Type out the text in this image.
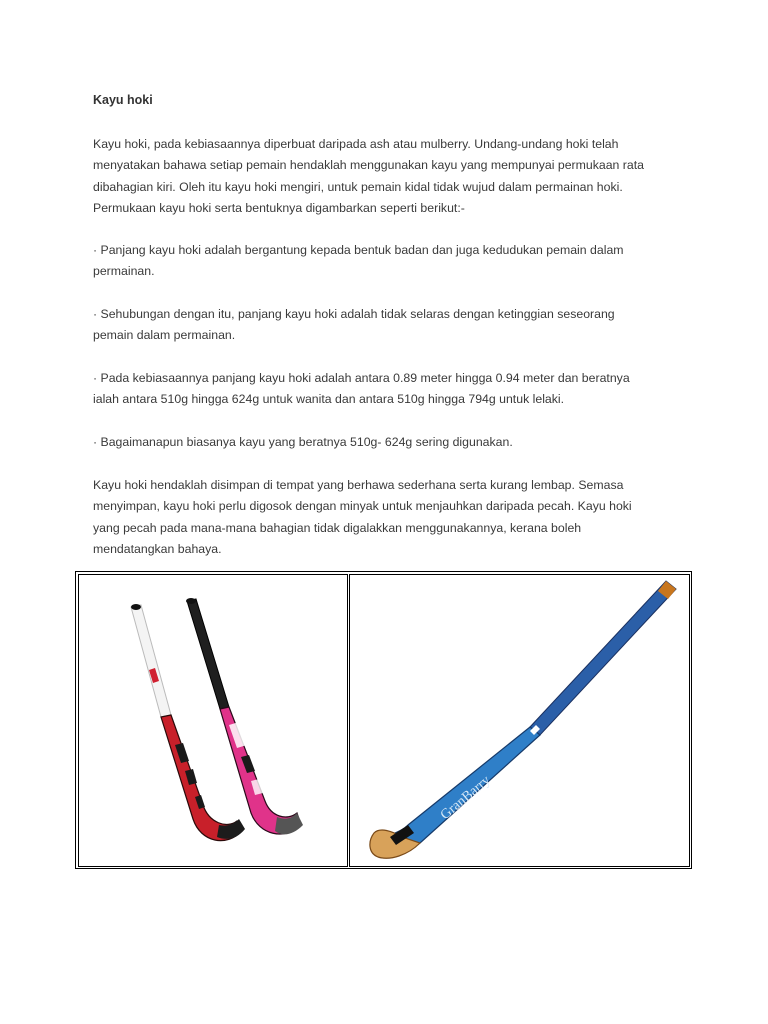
Kayu hoki
Kayu hoki, pada kebiasaannya diperbuat daripada ash atau mulberry. Undang-undang hoki telah
menyatakan bahawa setiap pemain hendaklah menggunakan kayu yang mempunyai permukaan rata
dibahagian kiri. Oleh itu kayu hoki mengiri, untuk pemain kidal tidak wujud dalam permainan hoki.
Permukaan kayu hoki serta bentuknya digambarkan seperti berikut:-
· Panjang kayu hoki adalah bergantung kepada bentuk badan dan juga kedudukan pemain dalam
permainan.
· Sehubungan dengan itu, panjang kayu hoki adalah tidak selaras dengan ketinggian seseorang
pemain dalam permainan.
· Pada kebiasaannya panjang kayu hoki adalah antara 0.89 meter hingga 0.94 meter dan beratnya
ialah antara 510g hingga 624g untuk wanita dan antara 510g hingga 794g untuk lelaki.
· Bagaimanapun biasanya kayu yang beratnya 510g- 624g sering digunakan.
Kayu hoki hendaklah disimpan di tempat yang berhawa sederhana serta kurang lembap. Semasa
menyimpan, kayu hoki perlu digosok dengan minyak untuk menjauhkan daripada pecah. Kayu hoki
yang pecah pada mana-mana bahagian tidak digalakkan menggunakannya, kerana boleh
mendatangkan bahaya.
GranBarry
